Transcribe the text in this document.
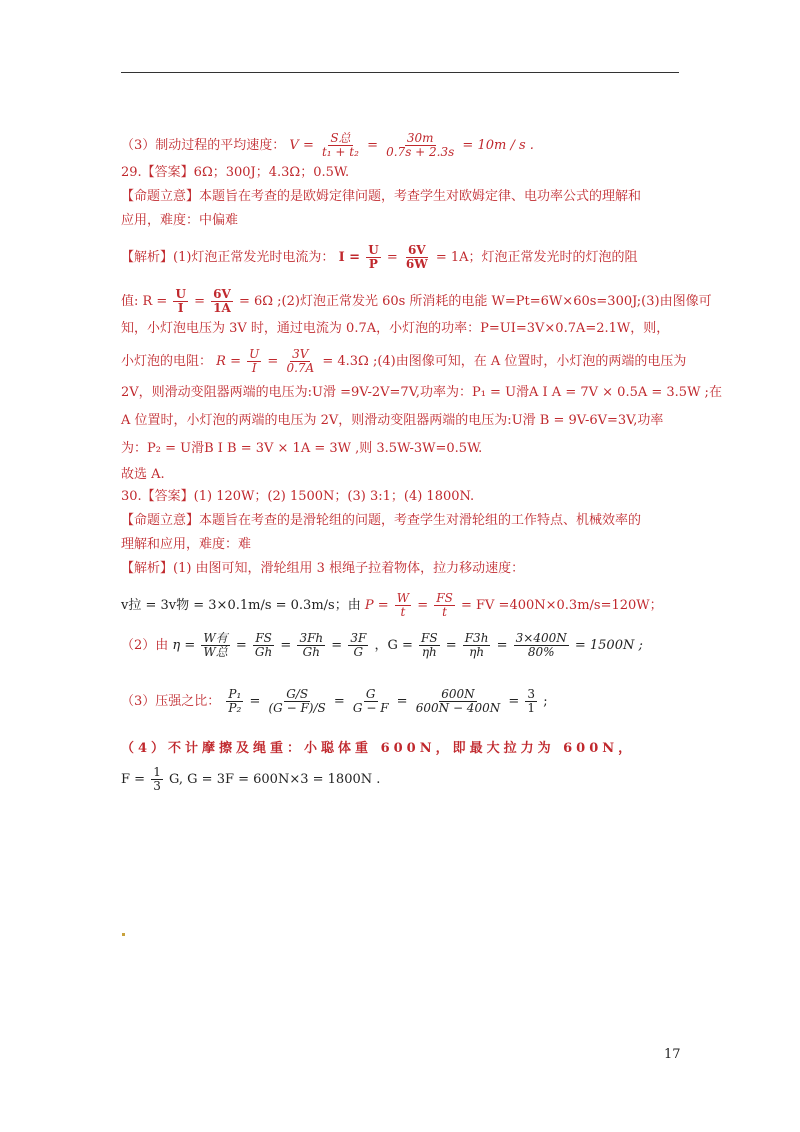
（3）制动过程的平均速度： $V = \frac{\text{S总}}{\text{t₁ + t₂}} = \frac{30m}{0.7s + 2.3s} = 10m / s$ .
29.【答案】6Ω；300J；4.3Ω；0.5W.
【命题立意】本题旨在考查的是欧姆定律问题，考查学生对欧姆定律、电功率公式的理解和
应用，难度：中偏难
【解析】(1)灯泡正常发光时电流为： $I = \frac{U}{P} = \frac{6V}{6W} = 1A$；灯泡正常发光时的灯泡的阻
值: $R = \frac{U}{I} = \frac{6V}{1A} = 6\Omega$ ;(2)灯泡正常发光 60s 所消耗的电能 W=Pt=6W×60s=300J;(3)由图像可
知，小灯泡电压为 3V 时，通过电流为 0.7A，小灯泡的功率：P=UI=3V×0.7A=2.1W，则，
小灯泡的电阻： $R = \frac{U}{I} = \frac{3V}{0.7A} = 4.3\Omega$ ;(4)由图像可知，在 A 位置时，小灯泡的两端的电压为
2V，则滑动变阻器两端的电压为:U滑 =9V-2V=7V,功率为：P₁ = U滑A I A = 7V × 0.5A = 3.5W ;在
A 位置时，小灯泡的两端的电压为 2V，则滑动变阻器两端的电压为:U滑 B = 9V-6V=3V,功率
为：P₂ = U滑B I B = 3V × 1A = 3W ,则 3.5W-3W=0.5W.
故选 A.
30.【答案】(1) 120W；(2) 1500N；(3) 3:1；(4) 1800N.
【命题立意】本题旨在考查的是滑轮组的问题，考查学生对滑轮组的工作特点、机械效率的
理解和应用，难度：难
【解析】(1) 由图可知，滑轮组用 3 根绳子拉着物体，拉力移动速度：
v拉 = 3v物 = 3×0.1m/s = 0.3m/s；由 $P = \frac{W}{t} = \frac{FS}{t}$ = FV =400N×0.3m/s=120W；
（2）由 $\eta = \frac{\text{W有}}{\text{W总}} = \frac{FS}{Gh} = \frac{3Fh}{Gh} = \frac{3F}{G}$ ，$G = \frac{FS}{\eta h} = \frac{F3h}{\eta h} = \frac{3\times 400N}{80\%} = 1500N$ ;
（3）压强之比： $\frac{\text{P₁}}{\text{P₂}} = \frac{G/S}{(G - F)/S} = \frac{G}{G - F} = \frac{600N}{600N - 400N} = \frac{3}{1}$ ;
（4）不计摩擦及绳重：小聪体重 600N，即最大拉力为 600N，
$F = \frac{1}{3} G$, G = 3F = 600N×3 = 1800N .
17
